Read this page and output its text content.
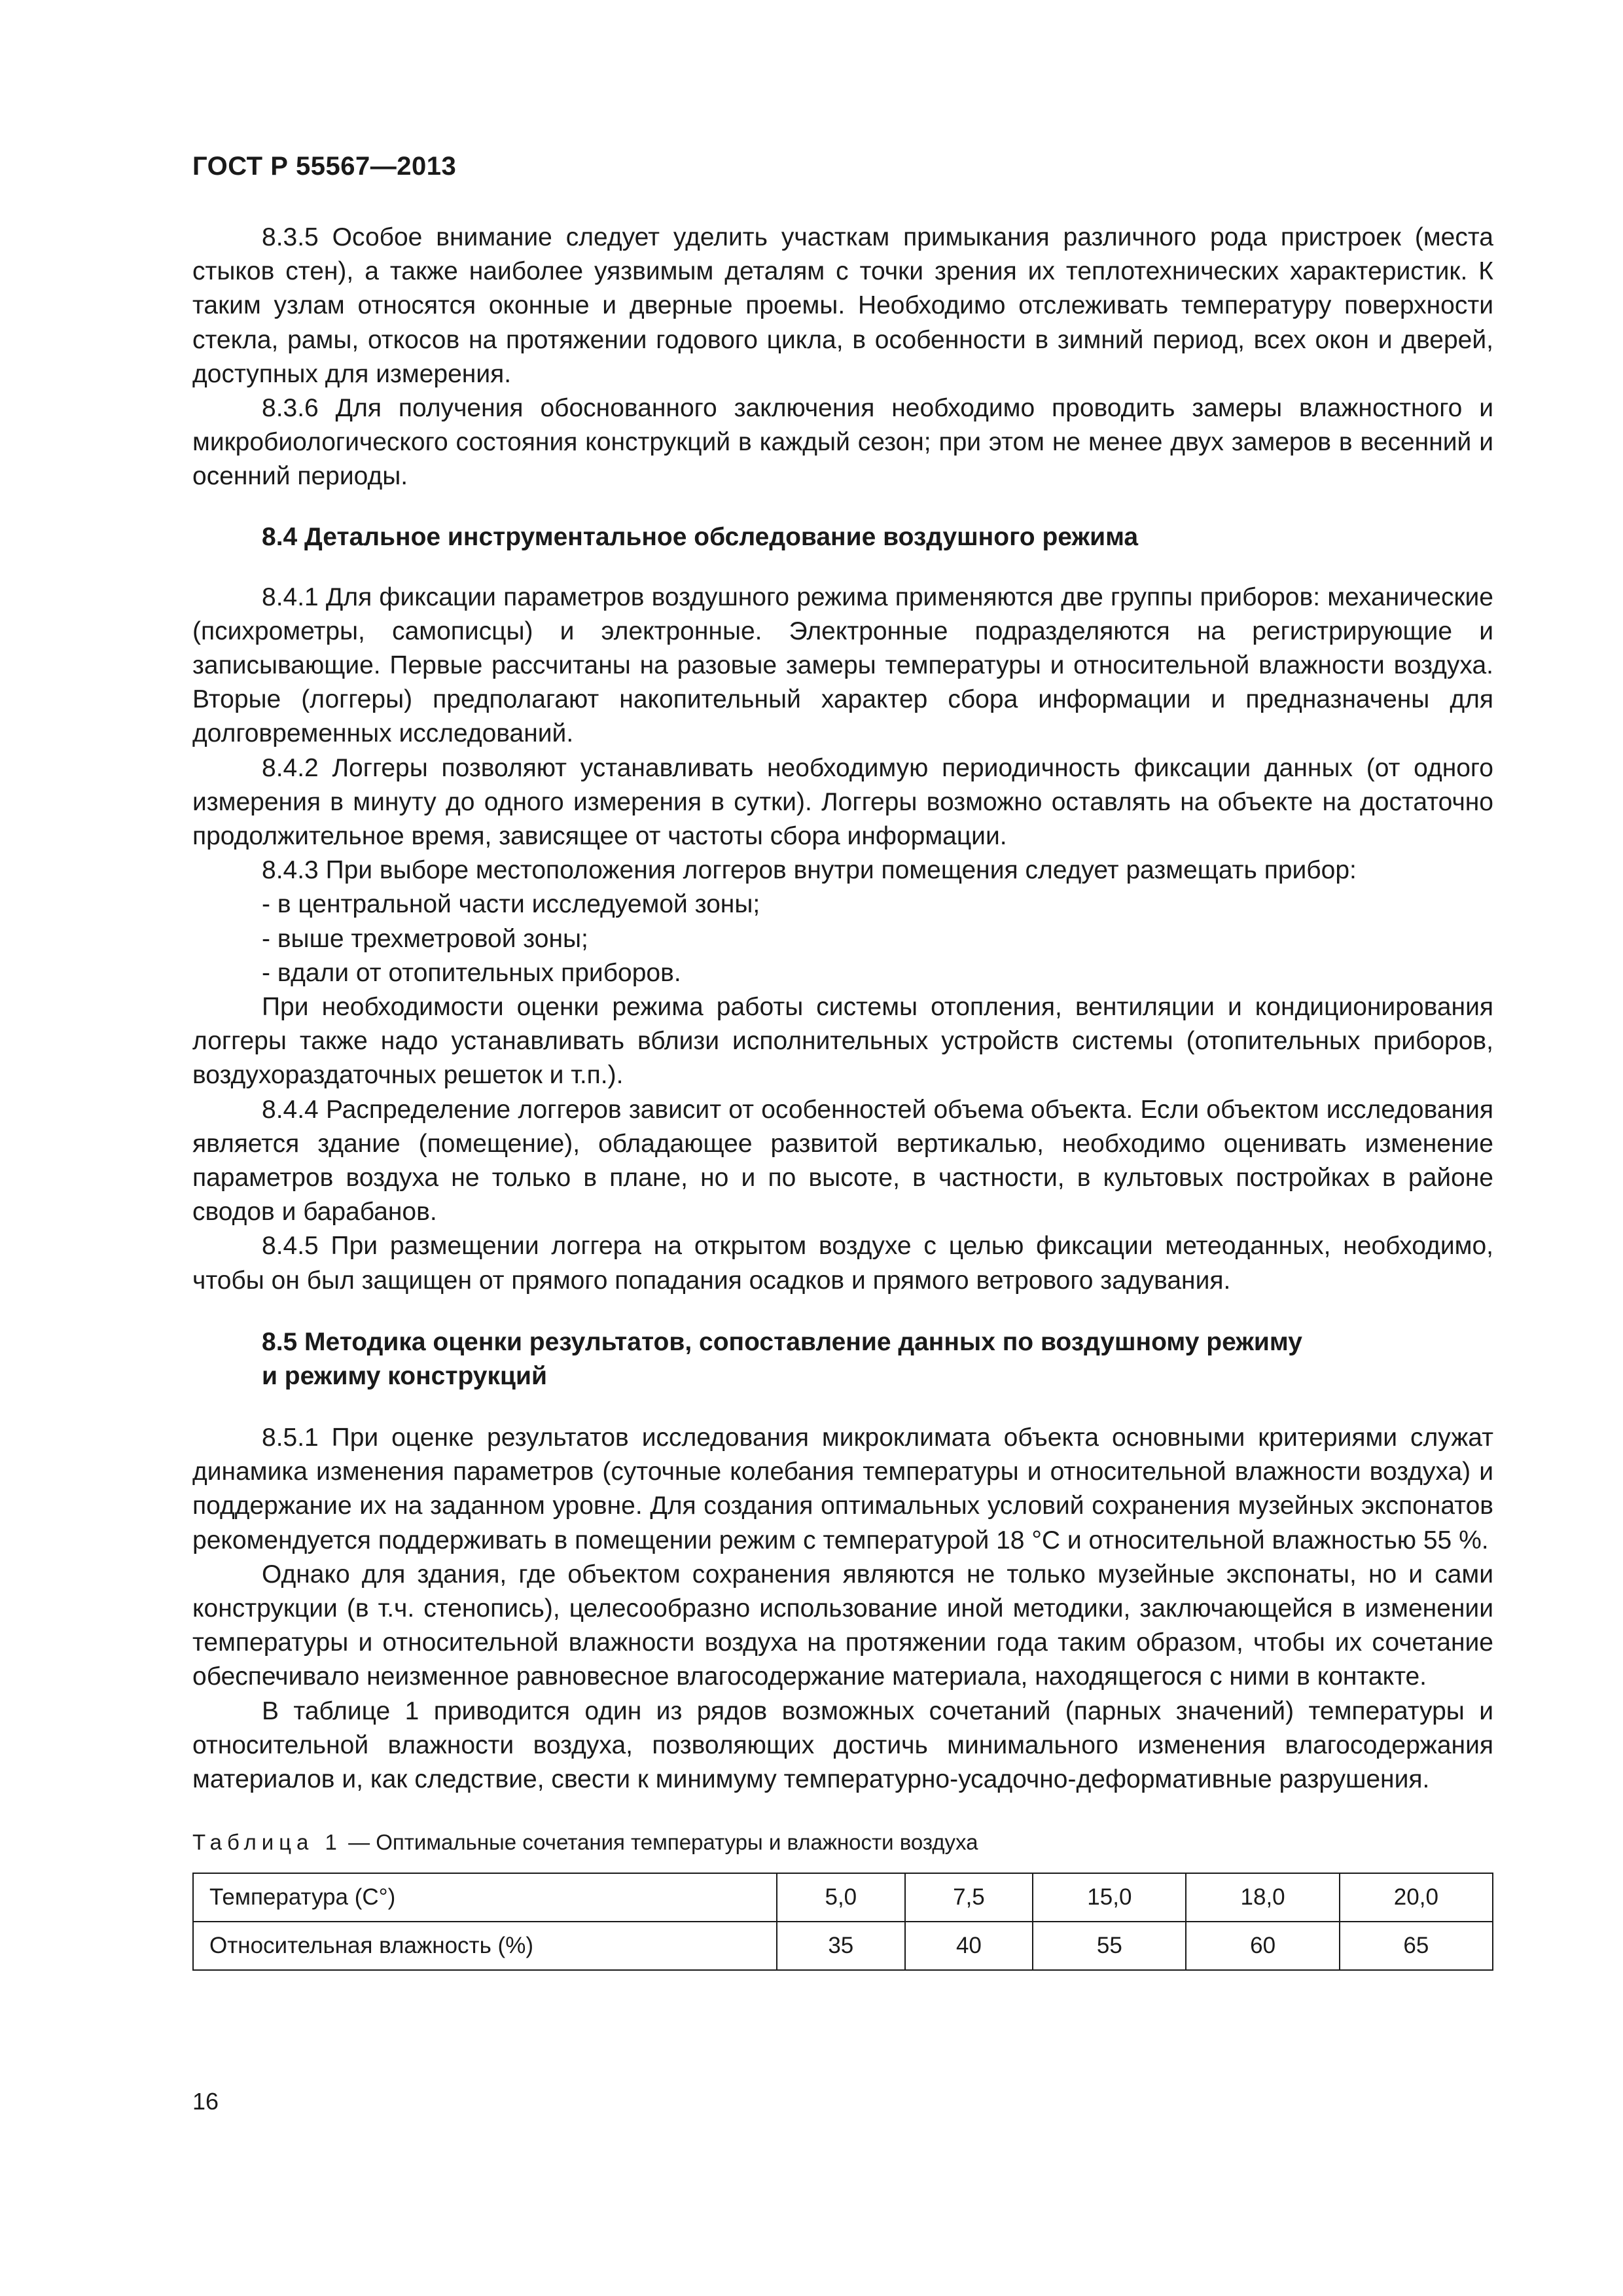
ГОСТ Р 55567—2013

8.3.5 Особое внимание следует уделить участкам примыкания различного рода пристроек (места стыков стен), а также наиболее уязвимым деталям с точки зрения их теплотехнических характеристик. К таким узлам относятся оконные и дверные проемы. Необходимо отслеживать температуру поверхности стекла, рамы, откосов на протяжении годового цикла, в особенности в зимний период, всех окон и дверей, доступных для измерения.

8.3.6 Для получения обоснованного заключения необходимо проводить замеры влажностного и микробиологического состояния конструкций в каждый сезон; при этом не менее двух замеров в весенний и осенний периоды.

8.4 Детальное инструментальное обследование воздушного режима

8.4.1 Для фиксации параметров воздушного режима применяются две группы приборов: механические (психрометры, самописцы) и электронные. Электронные подразделяются на регистрирующие и записывающие. Первые рассчитаны на разовые замеры температуры и относительной влажности воздуха. Вторые (логгеры) предполагают накопительный характер сбора информации и предназначены для долговременных исследований.

8.4.2 Логгеры позволяют устанавливать необходимую периодичность фиксации данных (от одного измерения в минуту до одного измерения в сутки). Логгеры возможно оставлять на объекте на достаточно продолжительное время, зависящее от частоты сбора информации.

8.4.3 При выборе местоположения логгеров внутри помещения следует размещать прибор:

- в центральной части исследуемой зоны;

- выше трехметровой зоны;

- вдали от отопительных приборов.

При необходимости оценки режима работы системы отопления, вентиляции и кондиционирования логгеры также надо устанавливать вблизи исполнительных устройств системы (отопительных приборов, воздухораздаточных решеток и т.п.).

8.4.4 Распределение логгеров зависит от особенностей объема объекта. Если объектом исследования является здание (помещение), обладающее развитой вертикалью, необходимо оценивать изменение параметров воздуха не только в плане, но и по высоте, в частности, в культовых постройках в районе сводов и барабанов.

8.4.5 При размещении логгера на открытом воздухе с целью фиксации метеоданных, необходимо, чтобы он был защищен от прямого попадания осадков и прямого ветрового задувания.

8.5 Методика оценки результатов, сопоставление данных по воздушному режиму
и режиму конструкций

8.5.1 При оценке результатов исследования микроклимата объекта основными критериями служат динамика изменения параметров (суточные колебания температуры и относительной влажности воздуха) и поддержание их на заданном уровне. Для создания оптимальных условий сохранения музейных экспонатов рекомендуется поддерживать в помещении режим с температурой 18 °С и относительной влажностью 55 %.

Однако для здания, где объектом сохранения являются не только музейные экспонаты, но и сами конструкции (в т.ч. стенопись), целесообразно использование иной методики, заключающейся в изменении температуры и относительной влажности воздуха на протяжении года таким образом, чтобы их сочетание обеспечивало неизменное равновесное влагосодержание материала, находящегося с ними в контакте.

В таблице 1 приводится один из рядов возможных сочетаний (парных значений) температуры и относительной влажности воздуха, позволяющих достичь минимального изменения влагосодержания материалов и, как следствие, свести к минимуму температурно-усадочно-деформативные разрушения.

Таблица 1 — Оптимальные сочетания температуры и влажности воздуха
Температура (С°)	5,0	7,5	15,0	18,0	20,0
Относительная влажность (%)	35	40	55	60	65
16
